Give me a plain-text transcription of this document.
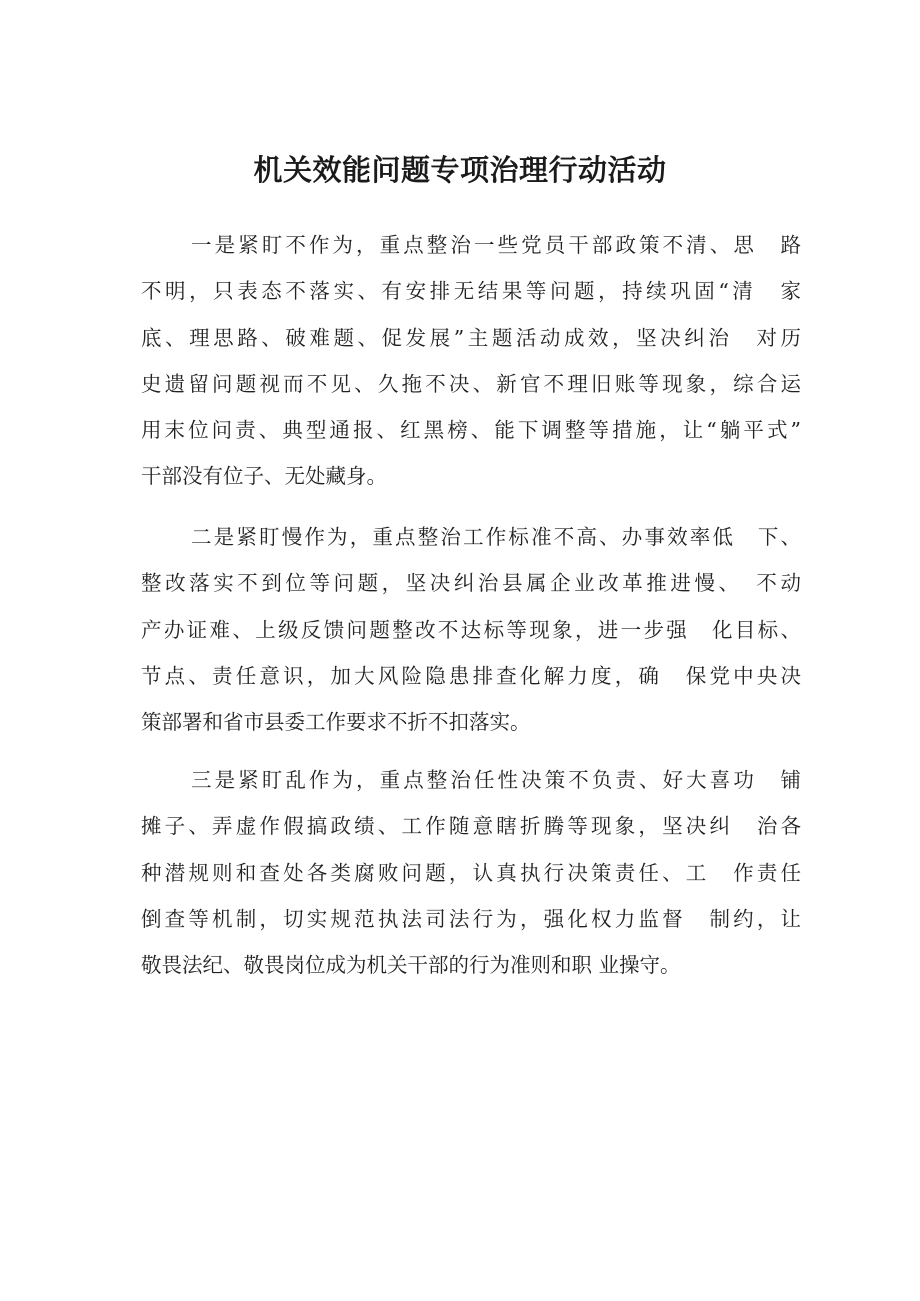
机关效能问题专项治理行动活动
一是紧盯不作为，重点整治一些党员干部政策不清、思　路
不明，只表态不落实、有安排无结果等问题，持续巩固“清　家
底、理思路、破难题、促发展”主题活动成效，坚决纠治　对历
史遗留问题视而不见、久拖不决、新官不理旧账等现象，综合运
用末位问责、典型通报、红黑榜、能下调整等措施，让“躺平式”
干部没有位子、无处藏身。
二是紧盯慢作为，重点整治工作标准不高、办事效率低　下、
整改落实不到位等问题，坚决纠治县属企业改革推进慢、　不动
产办证难、上级反馈问题整改不达标等现象，进一步强　化目标、
节点、责任意识，加大风险隐患排查化解力度，确　保党中央决
策部署和省市县委工作要求不折不扣落实。
三是紧盯乱作为，重点整治任性决策不负责、好大喜功　铺
摊子、弄虚作假搞政绩、工作随意瞎折腾等现象，坚决纠　治各
种潜规则和查处各类腐败问题，认真执行决策责任、工　作责任
倒查等机制，切实规范执法司法行为，强化权力监督　制约，让
敬畏法纪、敬畏岗位成为机关干部的行为准则和职 业操守。
